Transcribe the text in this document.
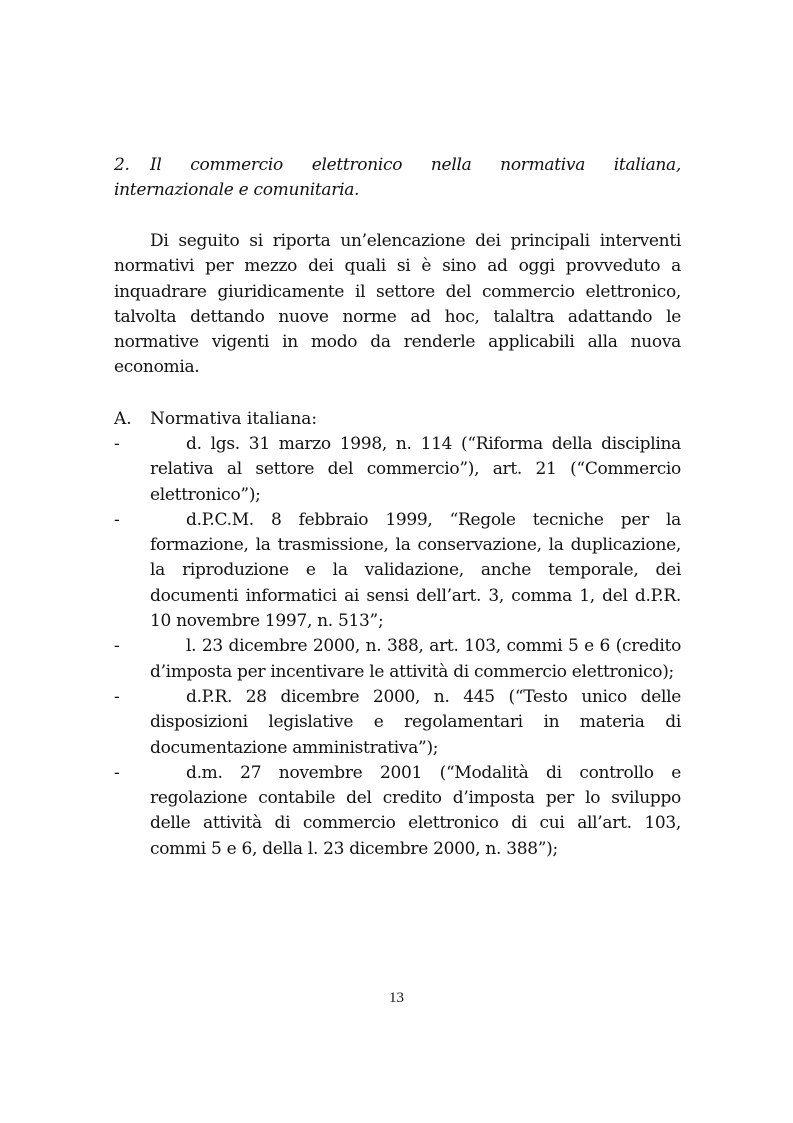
2. Il commercio elettronico nella normativa italiana, internazionale e comunitaria.
Di seguito si riporta un’elencazione dei principali interventi normativi per mezzo dei quali si è sino ad oggi provveduto a inquadrare giuridicamente il settore del commercio elettronico, talvolta dettando nuove norme ad hoc, talaltra adattando le normative vigenti in modo da renderle applicabili alla nuova economia.
A. Normativa italiana:
-	d. lgs. 31 marzo 1998, n. 114 (“Riforma della disciplina relativa al settore del commercio”), art. 21 (“Commercio elettronico”);
-	d.P.C.M. 8 febbraio 1999, “Regole tecniche per la formazione, la trasmissione, la conservazione, la duplicazione, la riproduzione e la validazione, anche temporale, dei documenti informatici ai sensi dell’art. 3, comma 1, del d.P.R. 10 novembre 1997, n. 513”;
-	l. 23 dicembre 2000, n. 388, art. 103, commi 5 e 6 (credito d’imposta per incentivare le attività di commercio elettronico);
-	d.P.R. 28 dicembre 2000, n. 445 (“Testo unico delle disposizioni legislative e regolamentari in materia di documentazione amministrativa”);
-	d.m. 27 novembre 2001 (“Modalità di controllo e regolazione contabile del credito d’imposta per lo sviluppo delle attività di commercio elettronico di cui all’art. 103, commi 5 e 6, della l. 23 dicembre 2000, n. 388”);
13
